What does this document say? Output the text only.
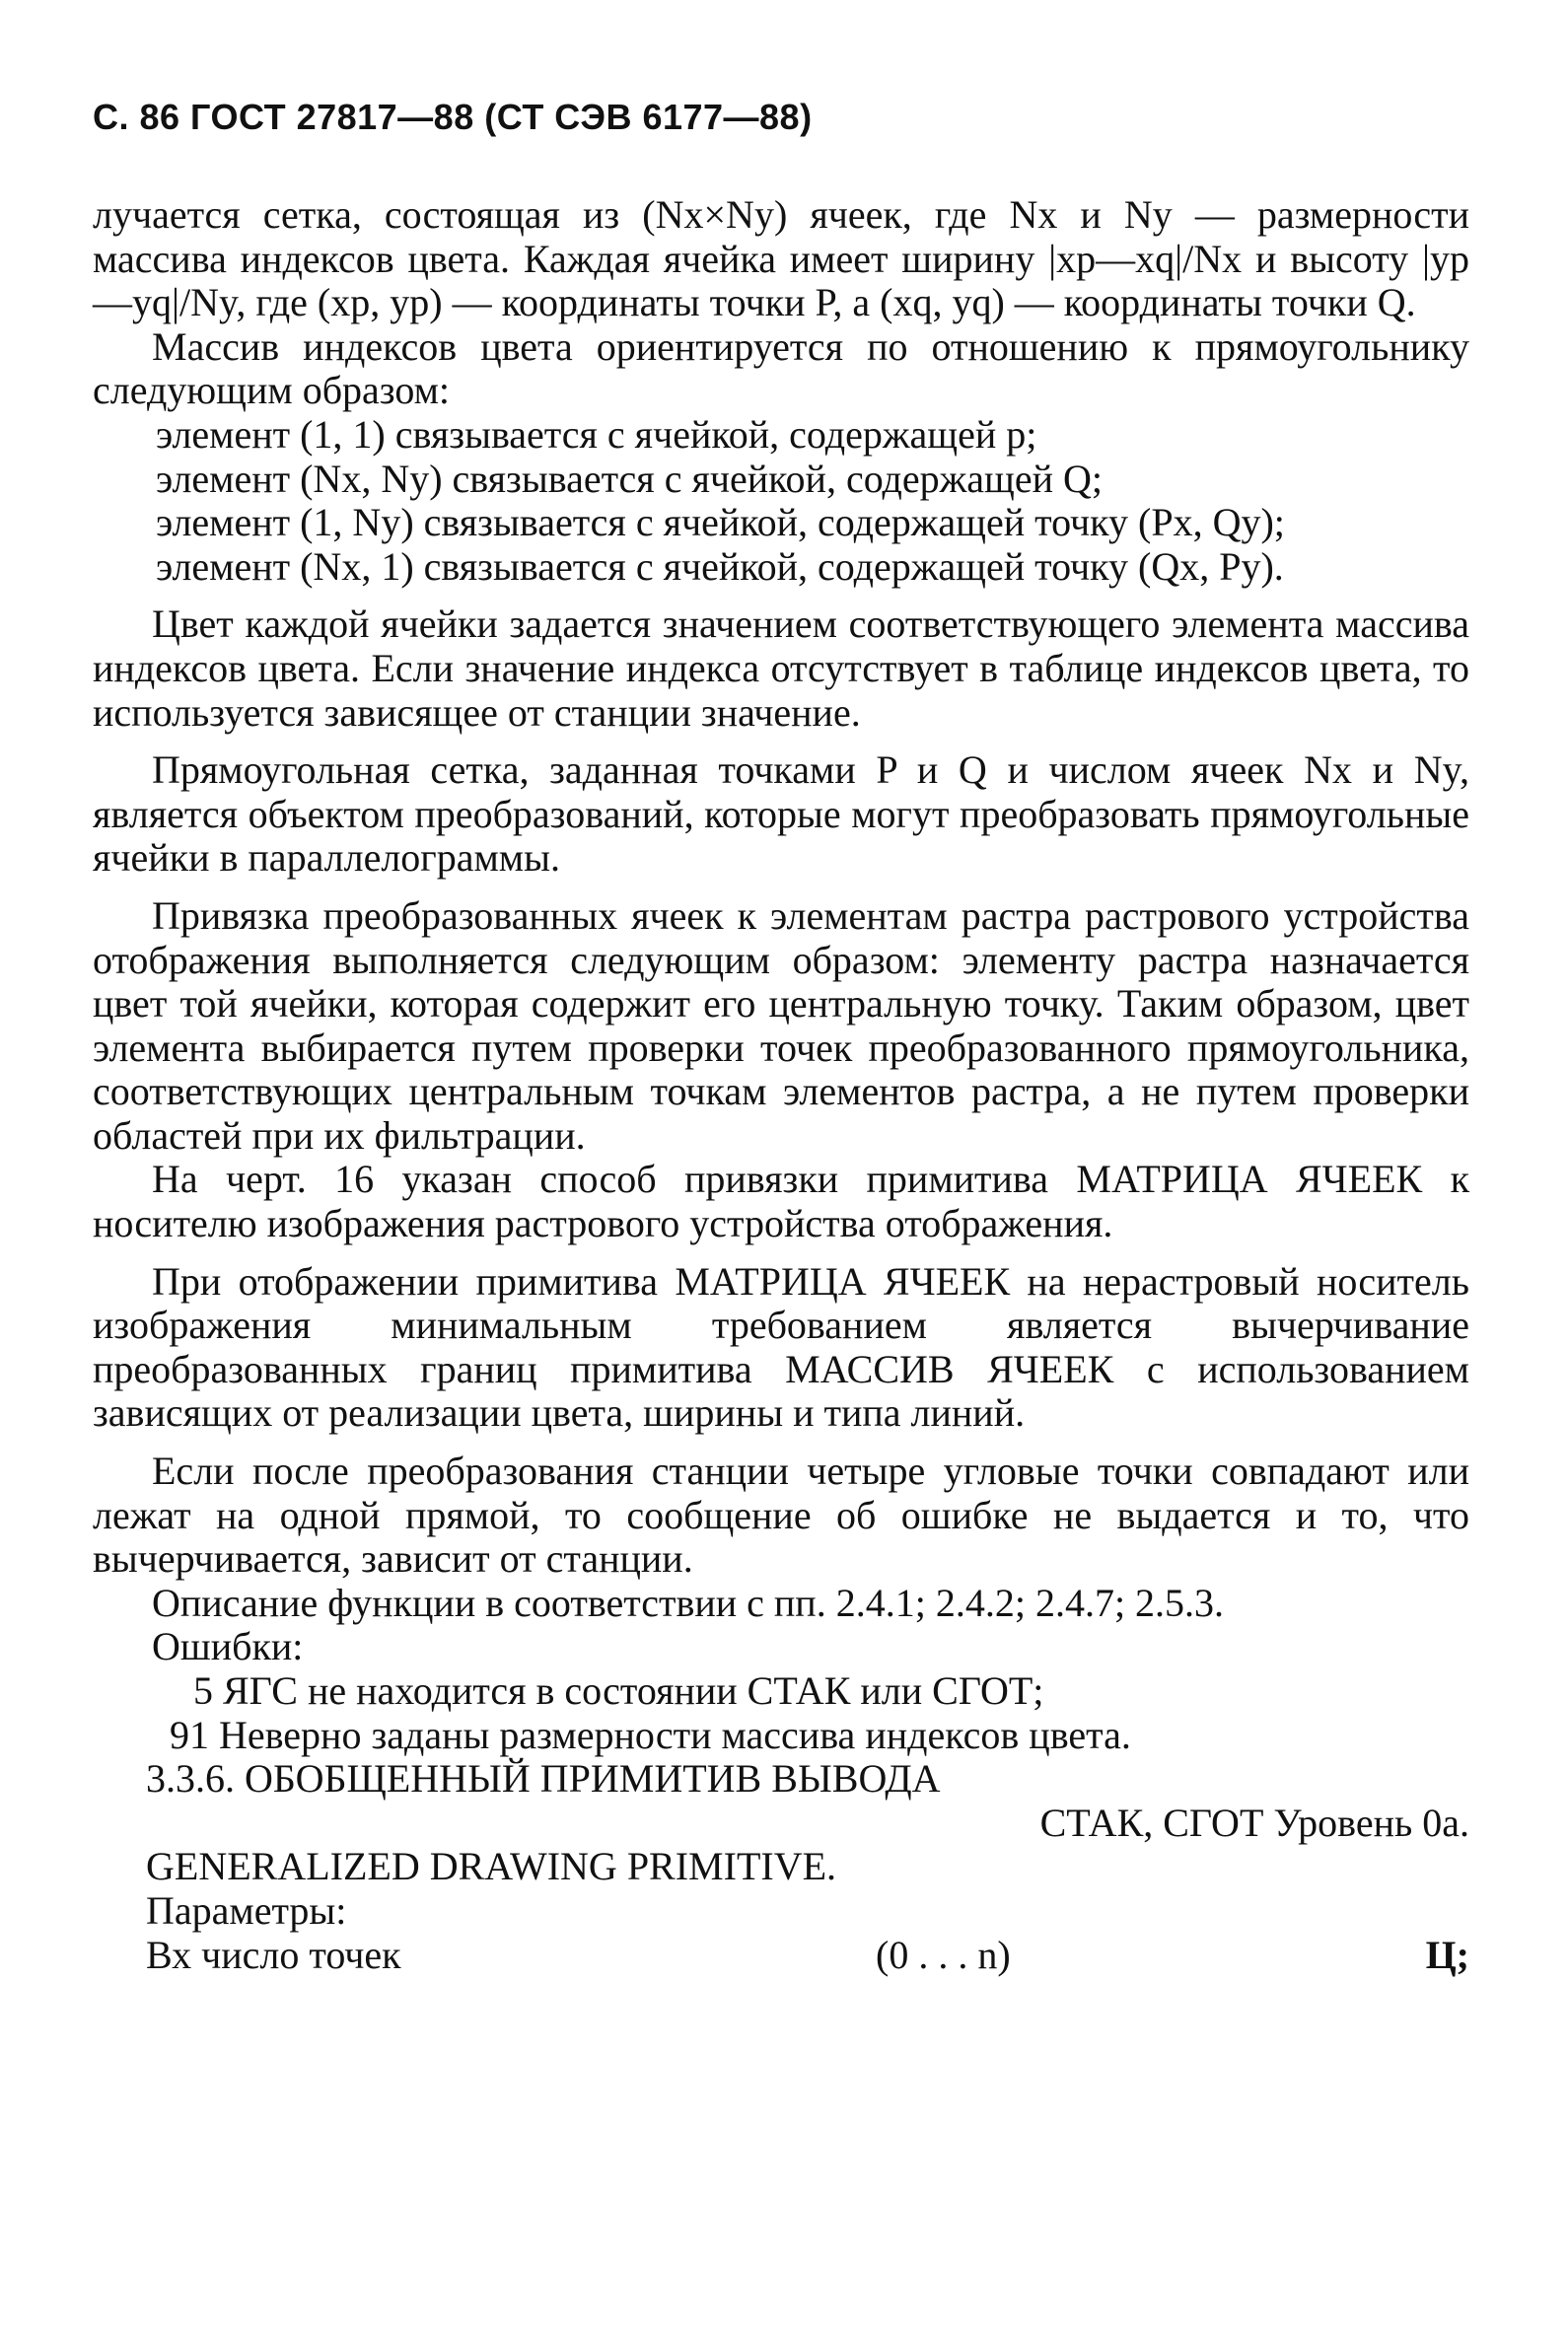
С. 86 ГОСТ 27817—88 (СТ СЭВ 6177—88)

лучается сетка, состоящая из (Nx×Ny) ячеек, где Nx и Ny — размерности массива индексов цвета. Каждая ячейка имеет ширину |xp—xq|/Nx и высоту |yp—yq|/Ny, где (xp, yp) — координаты точки P, а (xq, yq) — координаты точки Q.

Массив индексов цвета ориентируется по отношению к прямоугольнику следующим образом:

элемент (1, 1) связывается с ячейкой, содержащей p;

элемент (Nx, Ny) связывается с ячейкой, содержащей Q;

элемент (1, Ny) связывается с ячейкой, содержащей точку (Px, Qy);

элемент (Nx, 1) связывается с ячейкой, содержащей точку (Qx, Py).

Цвет каждой ячейки задается значением соответствующего элемента массива индексов цвета. Если значение индекса отсутствует в таблице индексов цвета, то используется зависящее от станции значение.

Прямоугольная сетка, заданная точками P и Q и числом ячеек Nx и Ny, является объектом преобразований, которые могут преобразовать прямоугольные ячейки в параллелограммы.

Привязка преобразованных ячеек к элементам растра растрового устройства отображения выполняется следующим образом: элементу растра назначается цвет той ячейки, которая содержит его центральную точку. Таким образом, цвет элемента выбирается путем проверки точек преобразованного прямоугольника, соответствующих центральным точкам элементов растра, а не путем проверки областей при их фильтрации.

На черт. 16 указан способ привязки примитива МАТРИЦА ЯЧЕЕК к носителю изображения растрового устройства отображения.

При отображении примитива МАТРИЦА ЯЧЕЕК на нерастровый носитель изображения минимальным требованием является вычерчивание преобразованных границ примитива МАССИВ ЯЧЕЕК с использованием зависящих от реализации цвета, ширины и типа линий.

Если после преобразования станции четыре угловые точки совпадают или лежат на одной прямой, то сообщение об ошибке не выдается и то, что вычерчивается, зависит от станции.

Описание функции в соответствии с пп. 2.4.1; 2.4.2; 2.4.7; 2.5.3.

Ошибки:

5 ЯГС не находится в состоянии СТАК или СГОТ;

91 Неверно заданы размерности массива индексов цвета.

3.3.6. ОБОБЩЕННЫЙ ПРИМИТИВ ВЫВОДА

СТАК, СГОТ Уровень 0а.

GENERALIZED DRAWING PRIMITIVE.

Параметры:

Вх число точек	(0 . . . n)	Ц;
